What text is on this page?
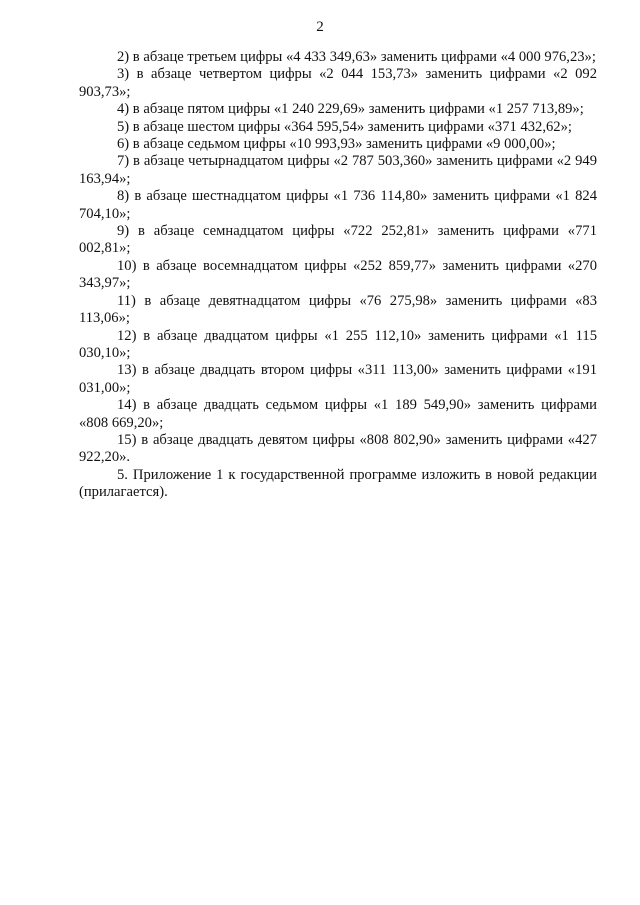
2

2) в абзаце третьем цифры «4 433 349,63» заменить цифрами «4 000 976,23»;

3) в абзаце четвертом цифры «2 044 153,73» заменить цифрами «2 092 903,73»;

4) в абзаце пятом цифры «1 240 229,69» заменить цифрами «1 257 713,89»;

5) в абзаце шестом цифры «364 595,54» заменить цифрами «371 432,62»;

6) в абзаце седьмом цифры «10 993,93» заменить цифрами «9 000,00»;

7) в абзаце четырнадцатом цифры «2 787 503,360» заменить цифрами «2 949 163,94»;

8) в абзаце шестнадцатом цифры «1 736 114,80» заменить цифрами «1 824 704,10»;

9) в абзаце семнадцатом цифры «722 252,81» заменить цифрами «771 002,81»;

10) в абзаце восемнадцатом цифры «252 859,77» заменить цифрами «270 343,97»;

11) в абзаце девятнадцатом цифры «76 275,98» заменить цифрами «83 113,06»;

12) в абзаце двадцатом цифры «1 255 112,10» заменить цифрами «1 115 030,10»;

13) в абзаце двадцать втором цифры «311 113,00» заменить цифрами «191 031,00»;

14) в абзаце двадцать седьмом цифры «1 189 549,90» заменить цифрами «808 669,20»;

15) в абзаце двадцать девятом цифры «808 802,90» заменить цифрами «427 922,20».

5. Приложение 1 к государственной программе изложить в новой редакции (прилагается).
